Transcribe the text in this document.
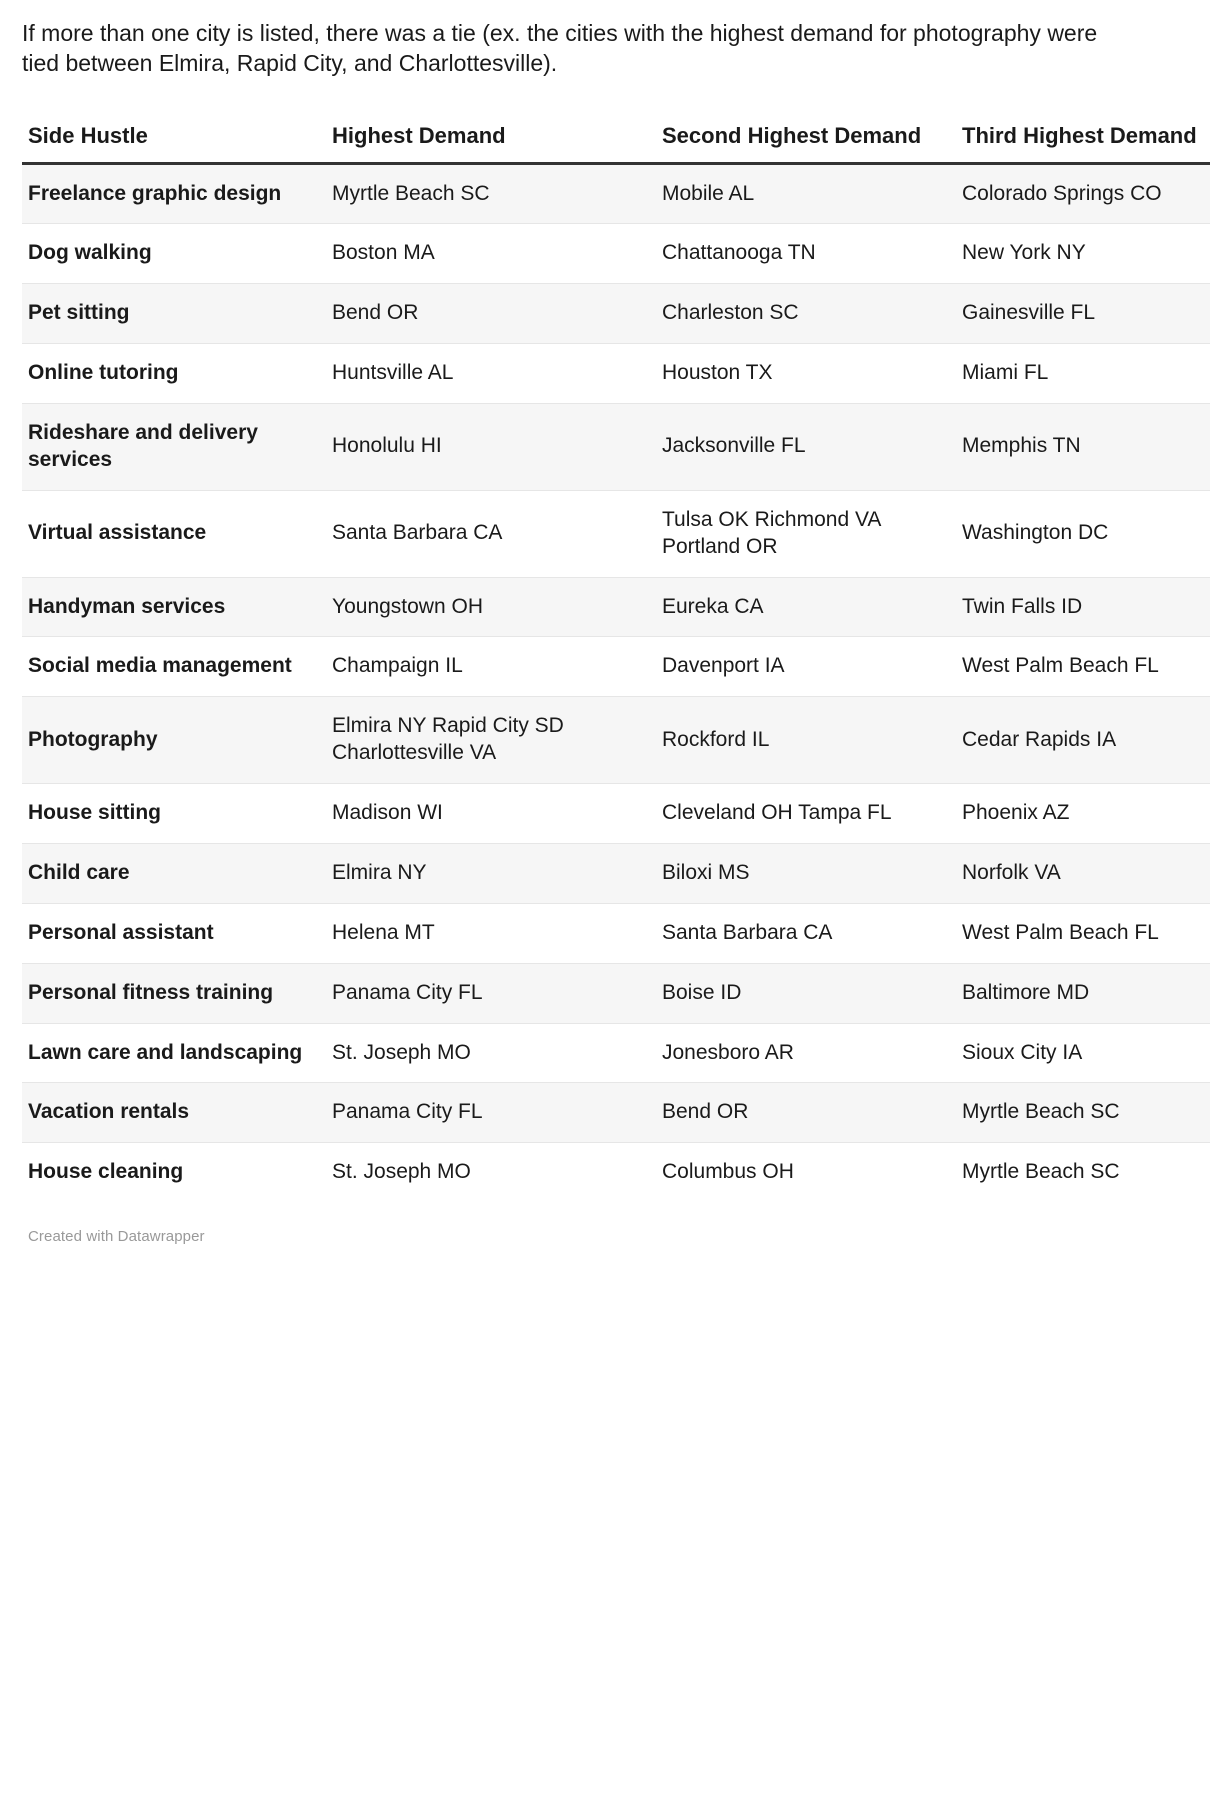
If more than one city is listed, there was a tie (ex. the cities with the highest demand for photography were tied between Elmira, Rapid City, and Charlottesville).

Side Hustle	Highest Demand	Second Highest Demand	Third Highest Demand
Freelance graphic design	Myrtle Beach SC	Mobile AL	Colorado Springs CO
Dog walking	Boston MA	Chattanooga TN	New York NY
Pet sitting	Bend OR	Charleston SC	Gainesville FL
Online tutoring	Huntsville AL	Houston TX	Miami FL
Rideshare and delivery services	Honolulu HI	Jacksonville FL	Memphis TN
Virtual assistance	Santa Barbara CA	Tulsa OK Richmond VA Portland OR	Washington DC
Handyman services	Youngstown OH	Eureka CA	Twin Falls ID
Social media management	Champaign IL	Davenport IA	West Palm Beach FL
Photography	Elmira NY Rapid City SD Charlottesville VA	Rockford IL	Cedar Rapids IA
House sitting	Madison WI	Cleveland OH Tampa FL	Phoenix AZ
Child care	Elmira NY	Biloxi MS	Norfolk VA
Personal assistant	Helena MT	Santa Barbara CA	West Palm Beach FL
Personal fitness training	Panama City FL	Boise ID	Baltimore MD
Lawn care and landscaping	St. Joseph MO	Jonesboro AR	Sioux City IA
Vacation rentals	Panama City FL	Bend OR	Myrtle Beach SC
House cleaning	St. Joseph MO	Columbus OH	Myrtle Beach SC
Created with Datawrapper
